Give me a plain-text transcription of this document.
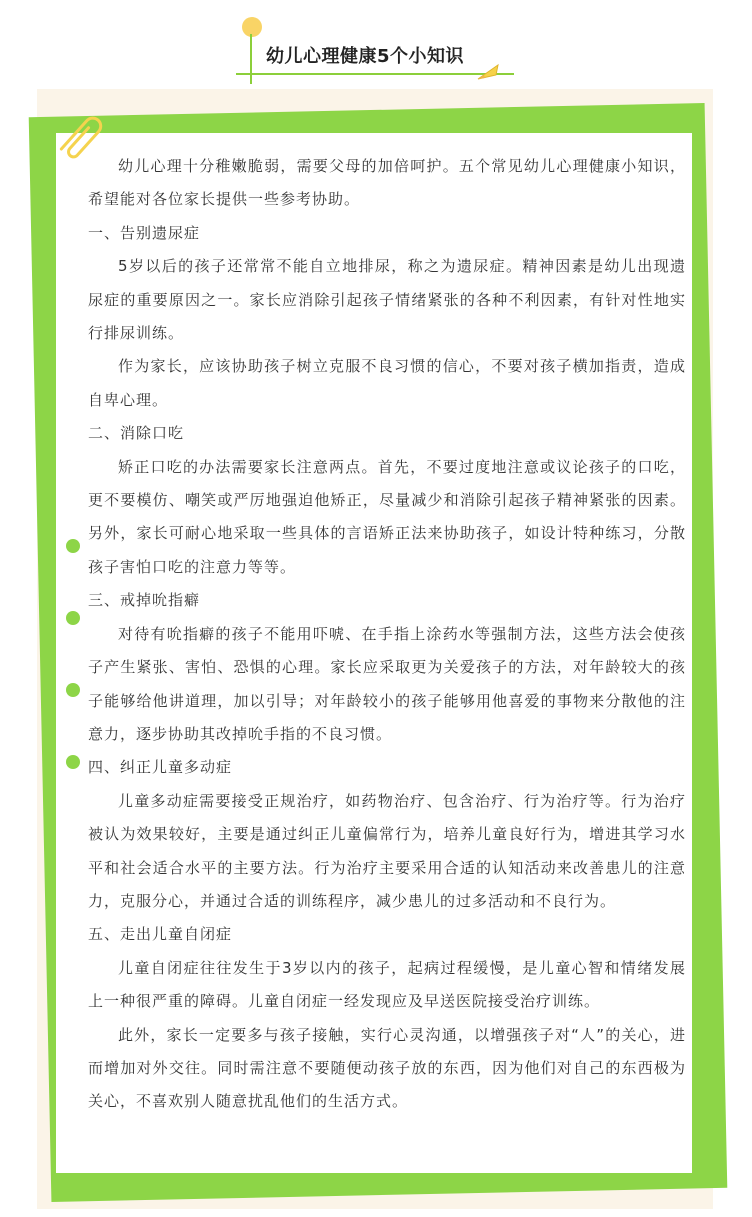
幼儿心理健康5个小知识

幼儿心理十分稚嫩脆弱，需要父母的加倍呵护。五个常见幼儿心理健康小知识，希望能对各位家长提供一些参考协助。

一、告别遗尿症

5岁以后的孩子还常常不能自立地排尿，称之为遗尿症。精神因素是幼儿出现遗尿症的重要原因之一。家长应消除引起孩子情绪紧张的各种不利因素，有针对性地实行排尿训练。

作为家长，应该协助孩子树立克服不良习惯的信心，不要对孩子横加指责，造成自卑心理。

二、消除口吃

矫正口吃的办法需要家长注意两点。首先，不要过度地注意或议论孩子的口吃，更不要模仿、嘲笑或严厉地强迫他矫正，尽量减少和消除引起孩子精神紧张的因素。另外，家长可耐心地采取一些具体的言语矫正法来协助孩子，如设计特种练习，分散孩子害怕口吃的注意力等等。

三、戒掉吮指癖

对待有吮指癖的孩子不能用吓唬、在手指上涂药水等强制方法，这些方法会使孩子产生紧张、害怕、恐惧的心理。家长应采取更为关爱孩子的方法，对年龄较大的孩子能够给他讲道理，加以引导；对年龄较小的孩子能够用他喜爱的事物来分散他的注意力，逐步协助其改掉吮手指的不良习惯。

四、纠正儿童多动症

儿童多动症需要接受正规治疗，如药物治疗、包含治疗、行为治疗等。行为治疗被认为效果较好，主要是通过纠正儿童偏常行为，培养儿童良好行为，增进其学习水平和社会适合水平的主要方法。行为治疗主要采用合适的认知活动来改善患儿的注意力，克服分心，并通过合适的训练程序，减少患儿的过多活动和不良行为。

五、走出儿童自闭症

儿童自闭症往往发生于3岁以内的孩子，起病过程缓慢，是儿童心智和情绪发展上一种很严重的障碍。儿童自闭症一经发现应及早送医院接受治疗训练。

此外，家长一定要多与孩子接触，实行心灵沟通，以增强孩子对“人”的关心，进而增加对外交往。同时需注意不要随便动孩子放的东西，因为他们对自己的东西极为关心，不喜欢别人随意扰乱他们的生活方式。
